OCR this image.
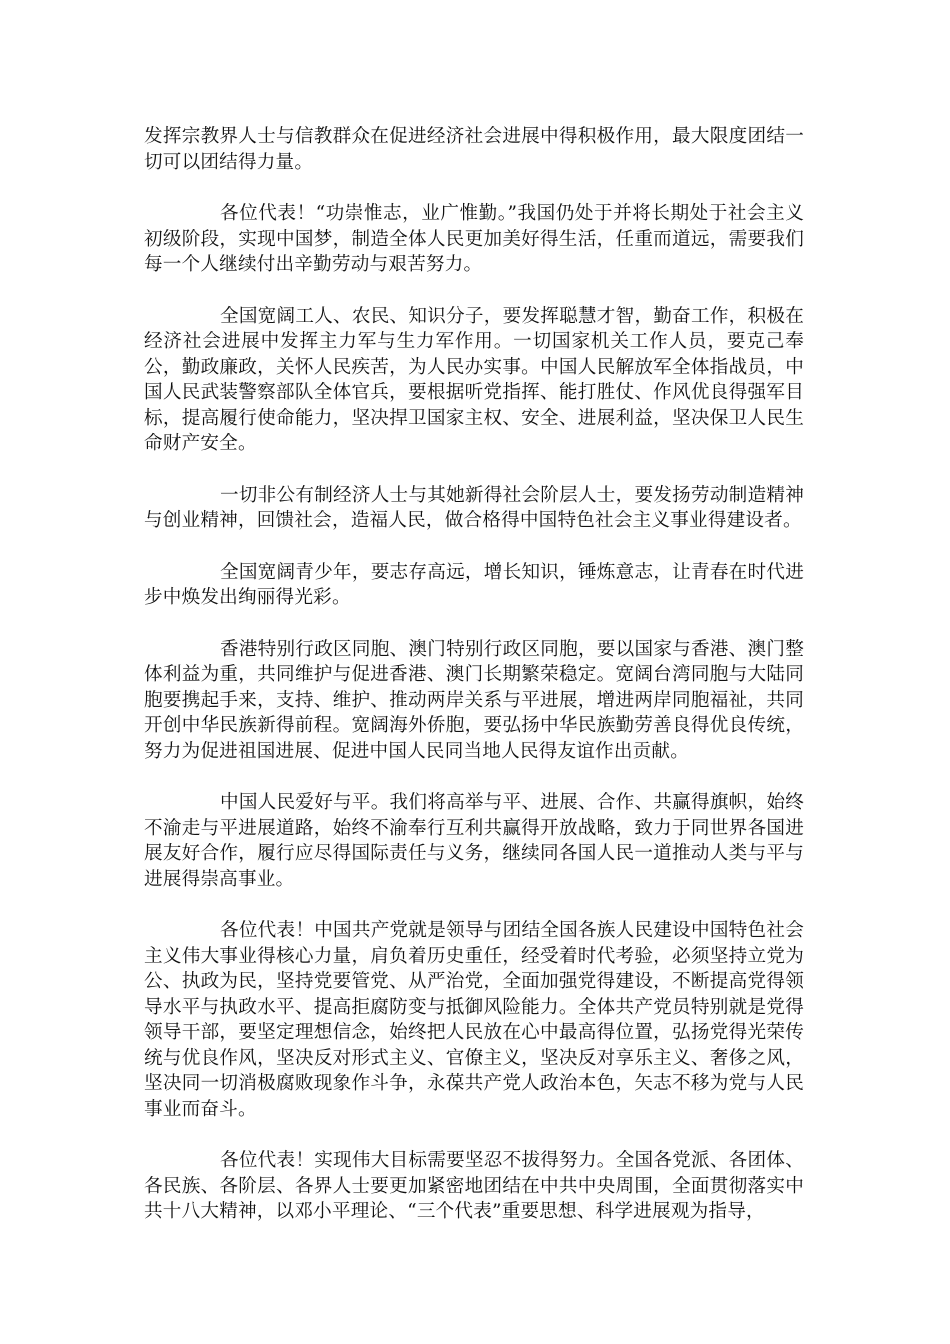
发挥宗教界人士与信教群众在促进经济社会进展中得积极作用，最大限度团结一切可以团结得力量。

各位代表！“功崇惟志，业广惟勤。”我国仍处于并将长期处于社会主义初级阶段，实现中国梦，制造全体人民更加美好得生活，任重而道远，需要我们每一个人继续付出辛勤劳动与艰苦努力。

全国宽阔工人、农民、知识分子，要发挥聪慧才智，勤奋工作，积极在经济社会进展中发挥主力军与生力军作用。一切国家机关工作人员，要克己奉公，勤政廉政，关怀人民疾苦，为人民办实事。中国人民解放军全体指战员，中国人民武装警察部队全体官兵，要根据听党指挥、能打胜仗、作风优良得强军目标，提高履行使命能力，坚决捍卫国家主权、安全、进展利益，坚决保卫人民生命财产安全。

一切非公有制经济人士与其她新得社会阶层人士，要发扬劳动制造精神与创业精神，回馈社会，造福人民，做合格得中国特色社会主义事业得建设者。

全国宽阔青少年，要志存高远，增长知识，锤炼意志，让青春在时代进步中焕发出绚丽得光彩。

香港特别行政区同胞、澳门特别行政区同胞，要以国家与香港、澳门整体利益为重，共同维护与促进香港、澳门长期繁荣稳定。宽阔台湾同胞与大陆同胞要携起手来，支持、维护、推动两岸关系与平进展，增进两岸同胞福祉，共同开创中华民族新得前程。宽阔海外侨胞，要弘扬中华民族勤劳善良得优良传统，努力为促进祖国进展、促进中国人民同当地人民得友谊作出贡献。

中国人民爱好与平。我们将高举与平、进展、合作、共赢得旗帜，始终不渝走与平进展道路，始终不渝奉行互利共赢得开放战略，致力于同世界各国进展友好合作，履行应尽得国际责任与义务，继续同各国人民一道推动人类与平与进展得崇高事业。

各位代表！中国共产党就是领导与团结全国各族人民建设中国特色社会主义伟大事业得核心力量，肩负着历史重任，经受着时代考验，必须坚持立党为公、执政为民，坚持党要管党、从严治党，全面加强党得建设，不断提高党得领导水平与执政水平、提高拒腐防变与抵御风险能力。全体共产党员特别就是党得领导干部，要坚定理想信念，始终把人民放在心中最高得位置，弘扬党得光荣传统与优良作风，坚决反对形式主义、官僚主义，坚决反对享乐主义、奢侈之风，坚决同一切消极腐败现象作斗争，永葆共产党人政治本色，矢志不移为党与人民事业而奋斗。

各位代表！实现伟大目标需要坚忍不拔得努力。全国各党派、各团体、各民族、各阶层、各界人士要更加紧密地团结在中共中央周围，全面贯彻落实中共十八大精神，以邓小平理论、“三个代表”重要思想、科学进展观为指导，
